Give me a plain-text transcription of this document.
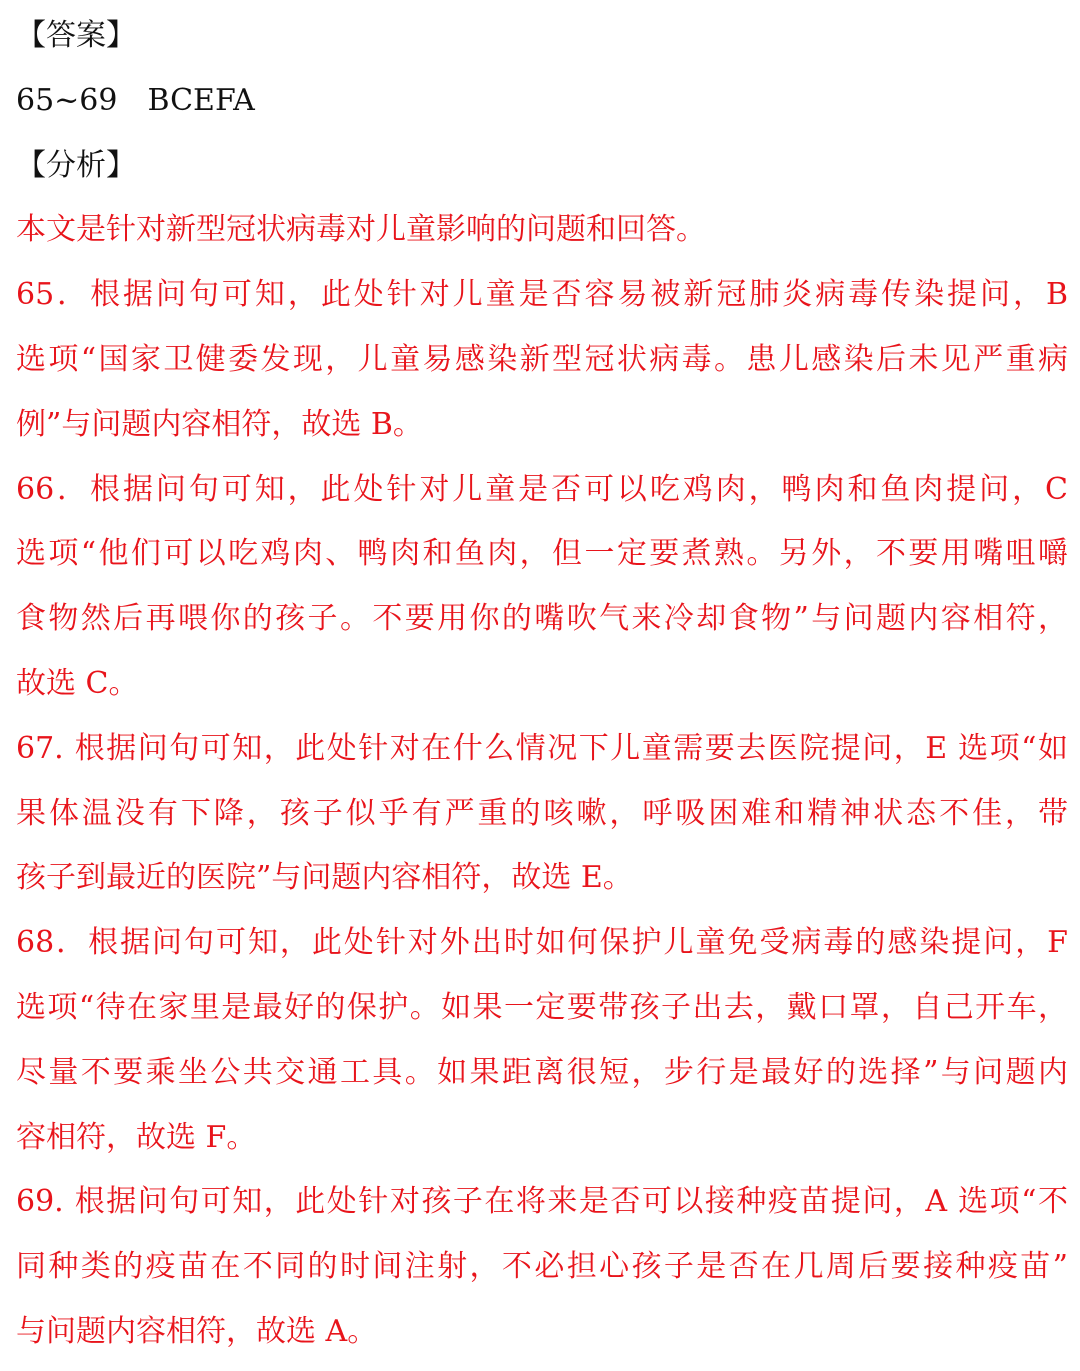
【答案】
65~69　BCEFA
【分析】
本文是针对新型冠状病毒对儿童影响的问题和回答。
65．根据问句可知，此处针对儿童是否容易被新冠肺炎病毒传染提问，B
选项“国家卫健委发现，儿童易感染新型冠状病毒。患儿感染后未见严重病
例”与问题内容相符，故选 B。
66．根据问句可知，此处针对儿童是否可以吃鸡肉，鸭肉和鱼肉提问，C
选项“他们可以吃鸡肉、鸭肉和鱼肉，但一定要煮熟。另外，不要用嘴咀嚼
食物然后再喂你的孩子。不要用你的嘴吹气来冷却食物”与问题内容相符，
故选 C。
67. 根据问句可知，此处针对在什么情况下儿童需要去医院提问，E 选项“如
果体温没有下降，孩子似乎有严重的咳嗽，呼吸困难和精神状态不佳，带
孩子到最近的医院”与问题内容相符，故选 E。
68．根据问句可知，此处针对外出时如何保护儿童免受病毒的感染提问，F
选项“待在家里是最好的保护。如果一定要带孩子出去，戴口罩，自己开车，
尽量不要乘坐公共交通工具。如果距离很短，步行是最好的选择”与问题内
容相符，故选 F。
69. 根据问句可知，此处针对孩子在将来是否可以接种疫苗提问，A 选项“不
同种类的疫苗在不同的时间注射，不必担心孩子是否在几周后要接种疫苗”
与问题内容相符，故选 A。
